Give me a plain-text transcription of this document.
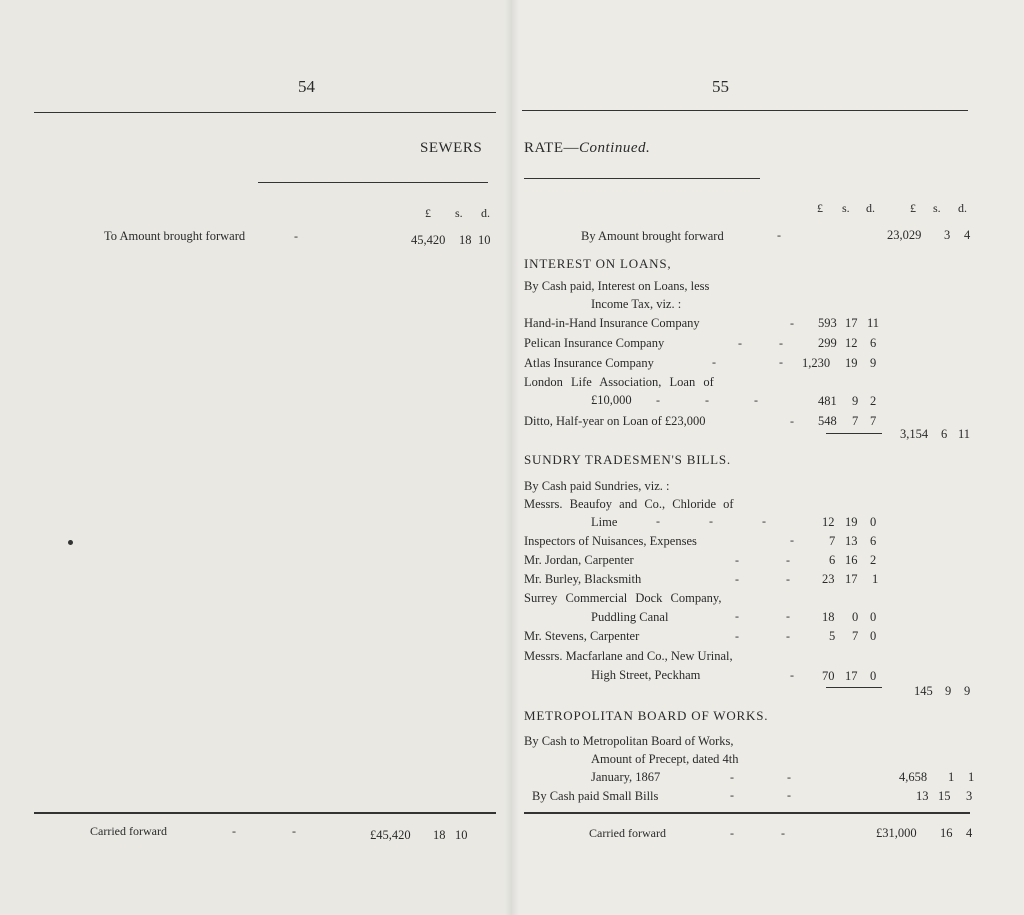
54
SEWERS
£ s. d.
To Amount brought forward	-	45,420 18 10
Carried forward	-	-	£45,420 18 10
55
RATE—Continued.
£ s. d.	£ s. d.
By Amount brought forward	-	23,029 3 4
INTEREST ON LOANS,
By Cash paid, Interest on Loans, less
Income Tax, viz. :
Hand-in-Hand Insurance Company	- 593 17 11
Pelican Insurance Company	- -	299 12 6
Atlas Insurance Company	- - 1,230 19 9
London Life Association, Loan of
£10,000 - - -	481 9 2
Ditto, Half-year on Loan of £23,000	- 548 7 7
3,154 6 11
SUNDRY TRADESMEN'S BILLS.
By Cash paid Sundries, viz. :
Messrs. Beaufoy and Co., Chloride of
Lime	- - -	12 19 0
Inspectors of Nuisances, Expenses	-	7 13 6
Mr. Jordan, Carpenter	- -	6 16 2
Mr. Burley, Blacksmith	- -	23 17 1
Surrey Commercial Dock Company,
Puddling Canal	- -	18 0 0
Mr. Stevens, Carpenter	- -	5 7 0
Messrs. Macfarlane and Co., New Urinal,
High Street, Peckham	- 70 17 0
145 9 9
METROPOLITAN BOARD OF WORKS.
By Cash to Metropolitan Board of Works,
Amount of Precept, dated 4th
January, 1867	- -	4,658 1 1
By Cash paid Small Bills	- -	13 15 3
Carried forward	- -	£31,000 16 4
